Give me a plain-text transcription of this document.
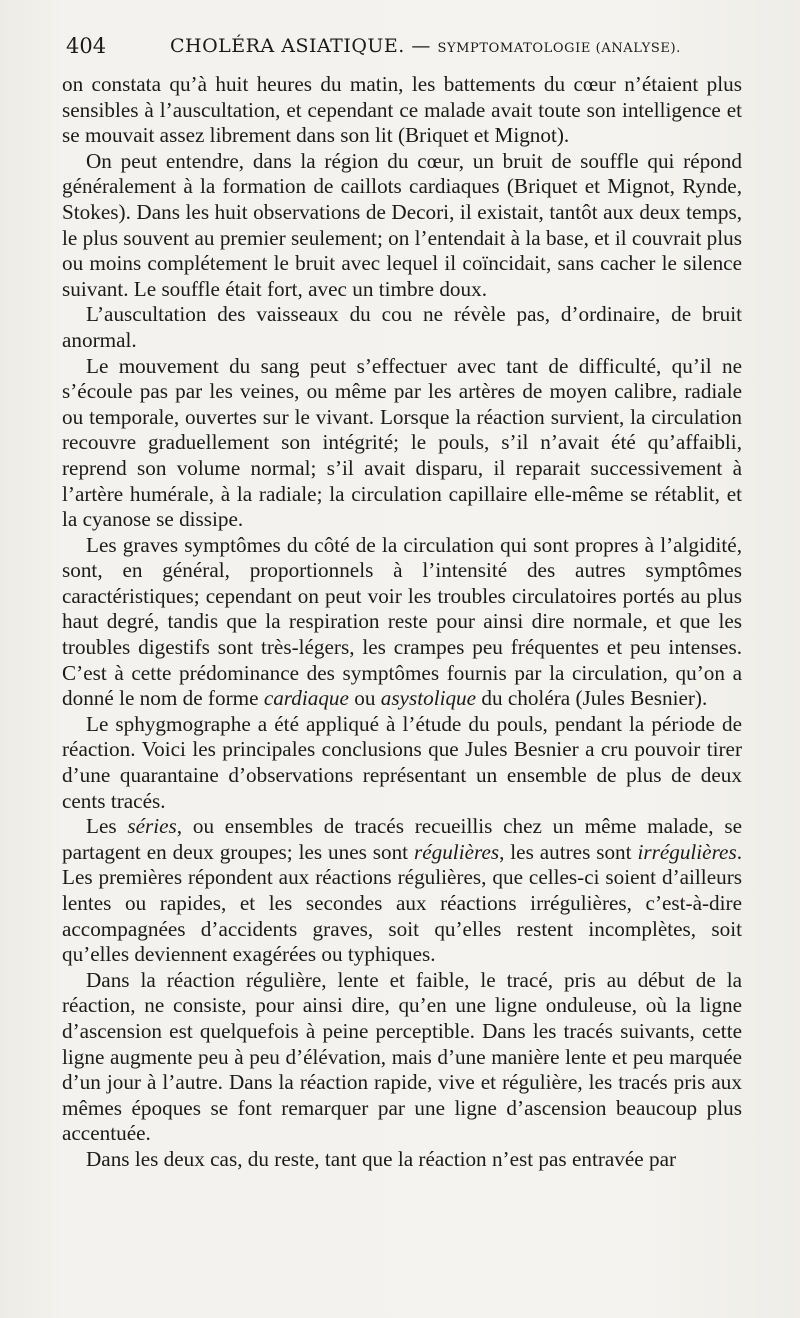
404	CHOLÉRA ASIATIQUE. — SYMPTOMATOLOGIE (ANALYSE).

on constata qu’à huit heures du matin, les battements du cœur n’étaient plus sensibles à l’auscultation, et cependant ce malade avait toute son intelligence et se mouvait assez librement dans son lit (Briquet et Mignot).

On peut entendre, dans la région du cœur, un bruit de souffle qui répond généralement à la formation de caillots cardiaques (Briquet et Mignot, Rynde, Stokes). Dans les huit observations de Decori, il existait, tantôt aux deux temps, le plus souvent au premier seulement; on l’entendait à la base, et il couvrait plus ou moins complétement le bruit avec lequel il coïncidait, sans cacher le silence suivant. Le souffle était fort, avec un timbre doux.

L’auscultation des vaisseaux du cou ne révèle pas, d’ordinaire, de bruit anormal.

Le mouvement du sang peut s’effectuer avec tant de difficulté, qu’il ne s’écoule pas par les veines, ou même par les artères de moyen calibre, radiale ou temporale, ouvertes sur le vivant. Lorsque la réaction survient, la circulation recouvre graduellement son intégrité; le pouls, s’il n’avait été qu’affaibli, reprend son volume normal; s’il avait disparu, il reparait successivement à l’artère humérale, à la radiale; la circulation capillaire elle-même se rétablit, et la cyanose se dissipe.

Les graves symptômes du côté de la circulation qui sont propres à l’algidité, sont, en général, proportionnels à l’intensité des autres symptômes caractéristiques; cependant on peut voir les troubles circulatoires portés au plus haut degré, tandis que la respiration reste pour ainsi dire normale, et que les troubles digestifs sont très-légers, les crampes peu fréquentes et peu intenses. C’est à cette prédominance des symptômes fournis par la circulation, qu’on a donné le nom de forme cardiaque ou asystolique du choléra (Jules Besnier).

Le sphygmographe a été appliqué à l’étude du pouls, pendant la période de réaction. Voici les principales conclusions que Jules Besnier a cru pouvoir tirer d’une quarantaine d’observations représentant un ensemble de plus de deux cents tracés.

Les séries, ou ensembles de tracés recueillis chez un même malade, se partagent en deux groupes; les unes sont régulières, les autres sont irrégulières. Les premières répondent aux réactions régulières, que celles-ci soient d’ailleurs lentes ou rapides, et les secondes aux réactions irrégulières, c’est-à-dire accompagnées d’accidents graves, soit qu’elles restent incomplètes, soit qu’elles deviennent exagérées ou typhiques.

Dans la réaction régulière, lente et faible, le tracé, pris au début de la réaction, ne consiste, pour ainsi dire, qu’en une ligne onduleuse, où la ligne d’ascension est quelquefois à peine perceptible. Dans les tracés suivants, cette ligne augmente peu à peu d’élévation, mais d’une manière lente et peu marquée d’un jour à l’autre. Dans la réaction rapide, vive et régulière, les tracés pris aux mêmes époques se font remarquer par une ligne d’ascension beaucoup plus accentuée.

Dans les deux cas, du reste, tant que la réaction n’est pas entravée par
